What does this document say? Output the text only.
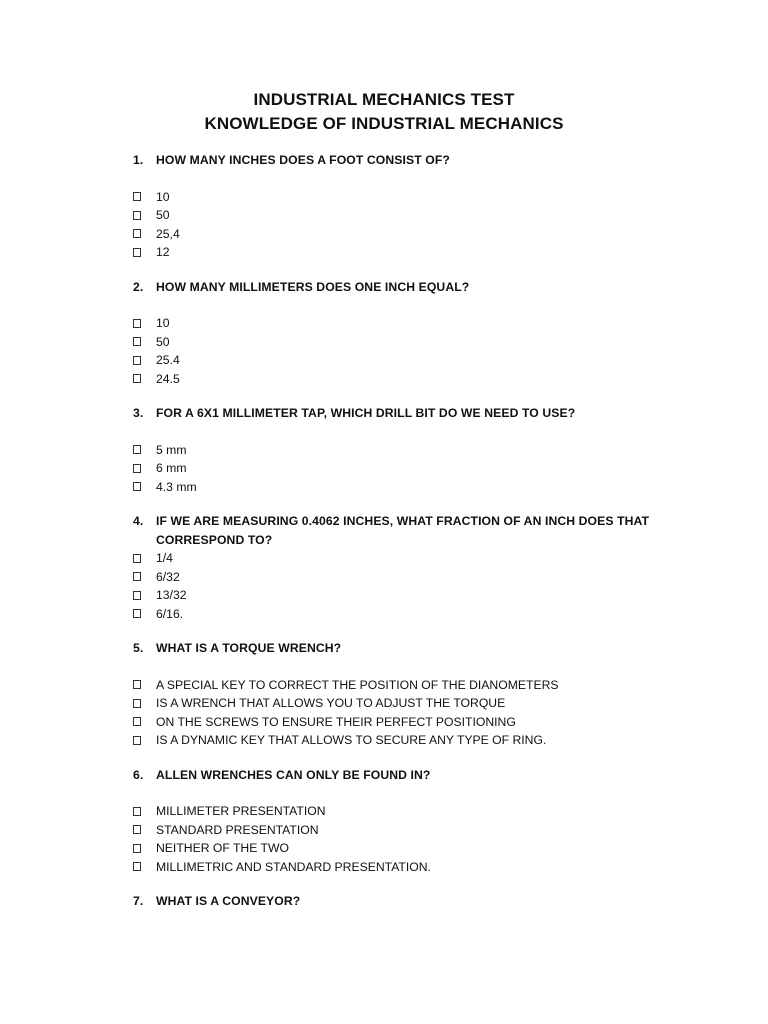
INDUSTRIAL MECHANICS TEST
KNOWLEDGE OF INDUSTRIAL MECHANICS
1.	HOW MANY INCHES DOES A FOOT CONSIST OF?
10
50
25,4
12
2.	HOW MANY MILLIMETERS DOES ONE INCH EQUAL?
10
50
25.4
24.5
3.	FOR A 6X1 MILLIMETER TAP, WHICH DRILL BIT DO WE NEED TO USE?
5 mm
6 mm
4.3 mm
4.	IF WE ARE MEASURING 0.4062 INCHES, WHAT FRACTION OF AN INCH DOES THAT CORRESPOND TO?
1/4
6/32
13/32
6/16.
5.	WHAT IS A TORQUE WRENCH?
A SPECIAL KEY TO CORRECT THE POSITION OF THE DIANOMETERS
IS A WRENCH THAT ALLOWS YOU TO ADJUST THE TORQUE
ON THE SCREWS TO ENSURE THEIR PERFECT POSITIONING
IS A DYNAMIC KEY THAT ALLOWS TO SECURE ANY TYPE OF RING.
6.	ALLEN WRENCHES CAN ONLY BE FOUND IN?
MILLIMETER PRESENTATION
STANDARD PRESENTATION
NEITHER OF THE TWO
MILLIMETRIC AND STANDARD PRESENTATION.
7.	WHAT IS A CONVEYOR?
